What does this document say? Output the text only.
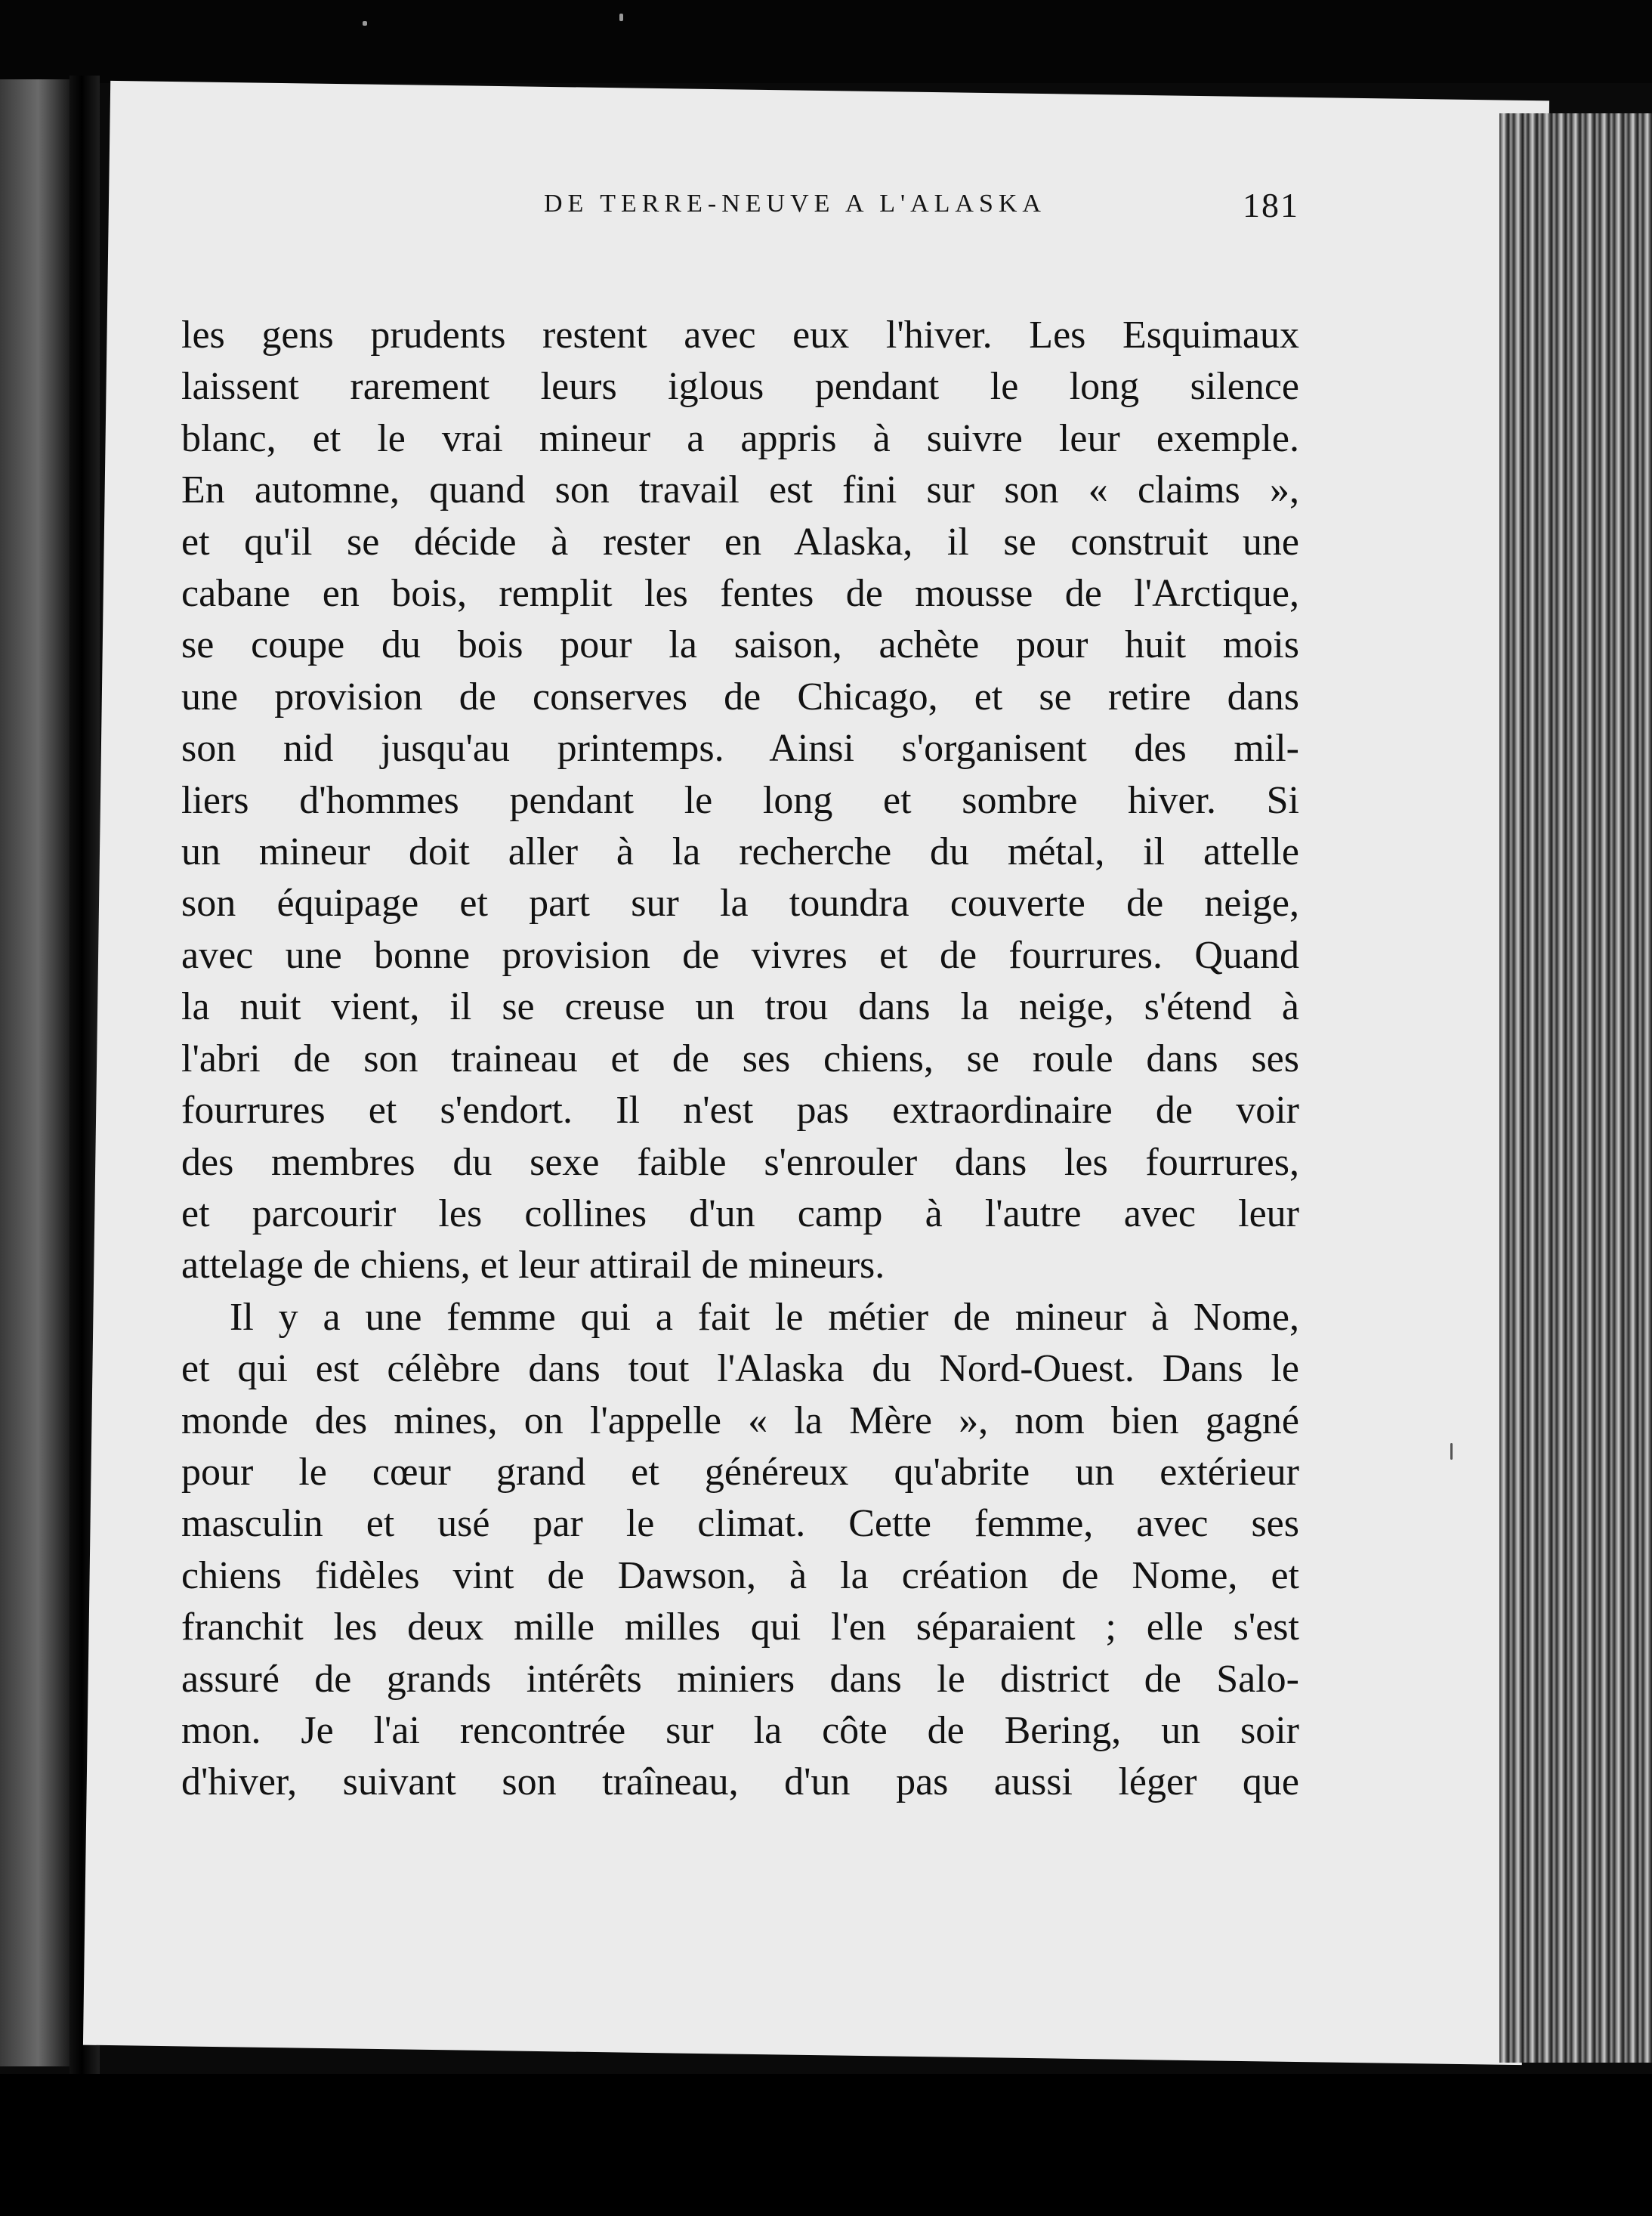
DE TERRE-NEUVE A L'ALASKA	181
les gens prudents restent avec eux l'hiver. Les Esquimaux
laissent rarement leurs iglous pendant le long silence
blanc, et le vrai mineur a appris à suivre leur exemple.
En automne, quand son travail est fini sur son « claims »,
et qu'il se décide à rester en Alaska, il se construit une
cabane en bois, remplit les fentes de mousse de l'Arctique,
se coupe du bois pour la saison, achète pour huit mois
une provision de conserves de Chicago, et se retire dans
son nid jusqu'au printemps. Ainsi s'organisent des mil-
liers d'hommes pendant le long et sombre hiver. Si
un mineur doit aller à la recherche du métal, il attelle
son équipage et part sur la toundra couverte de neige,
avec une bonne provision de vivres et de fourrures. Quand
la nuit vient, il se creuse un trou dans la neige, s'étend à
l'abri de son traineau et de ses chiens, se roule dans ses
fourrures et s'endort. Il n'est pas extraordinaire de voir
des membres du sexe faible s'enrouler dans les fourrures,
et parcourir les collines d'un camp à l'autre avec leur
attelage de chiens, et leur attirail de mineurs.
Il y a une femme qui a fait le métier de mineur à Nome,
et qui est célèbre dans tout l'Alaska du Nord-Ouest. Dans le
monde des mines, on l'appelle « la Mère », nom bien gagné
pour le cœur grand et généreux qu'abrite un extérieur
masculin et usé par le climat. Cette femme, avec ses
chiens fidèles vint de Dawson, à la création de Nome, et
franchit les deux mille milles qui l'en séparaient ; elle s'est
assuré de grands intérêts miniers dans le district de Salo-
mon. Je l'ai rencontrée sur la côte de Bering, un soir
d'hiver, suivant son traîneau, d'un pas aussi léger que
